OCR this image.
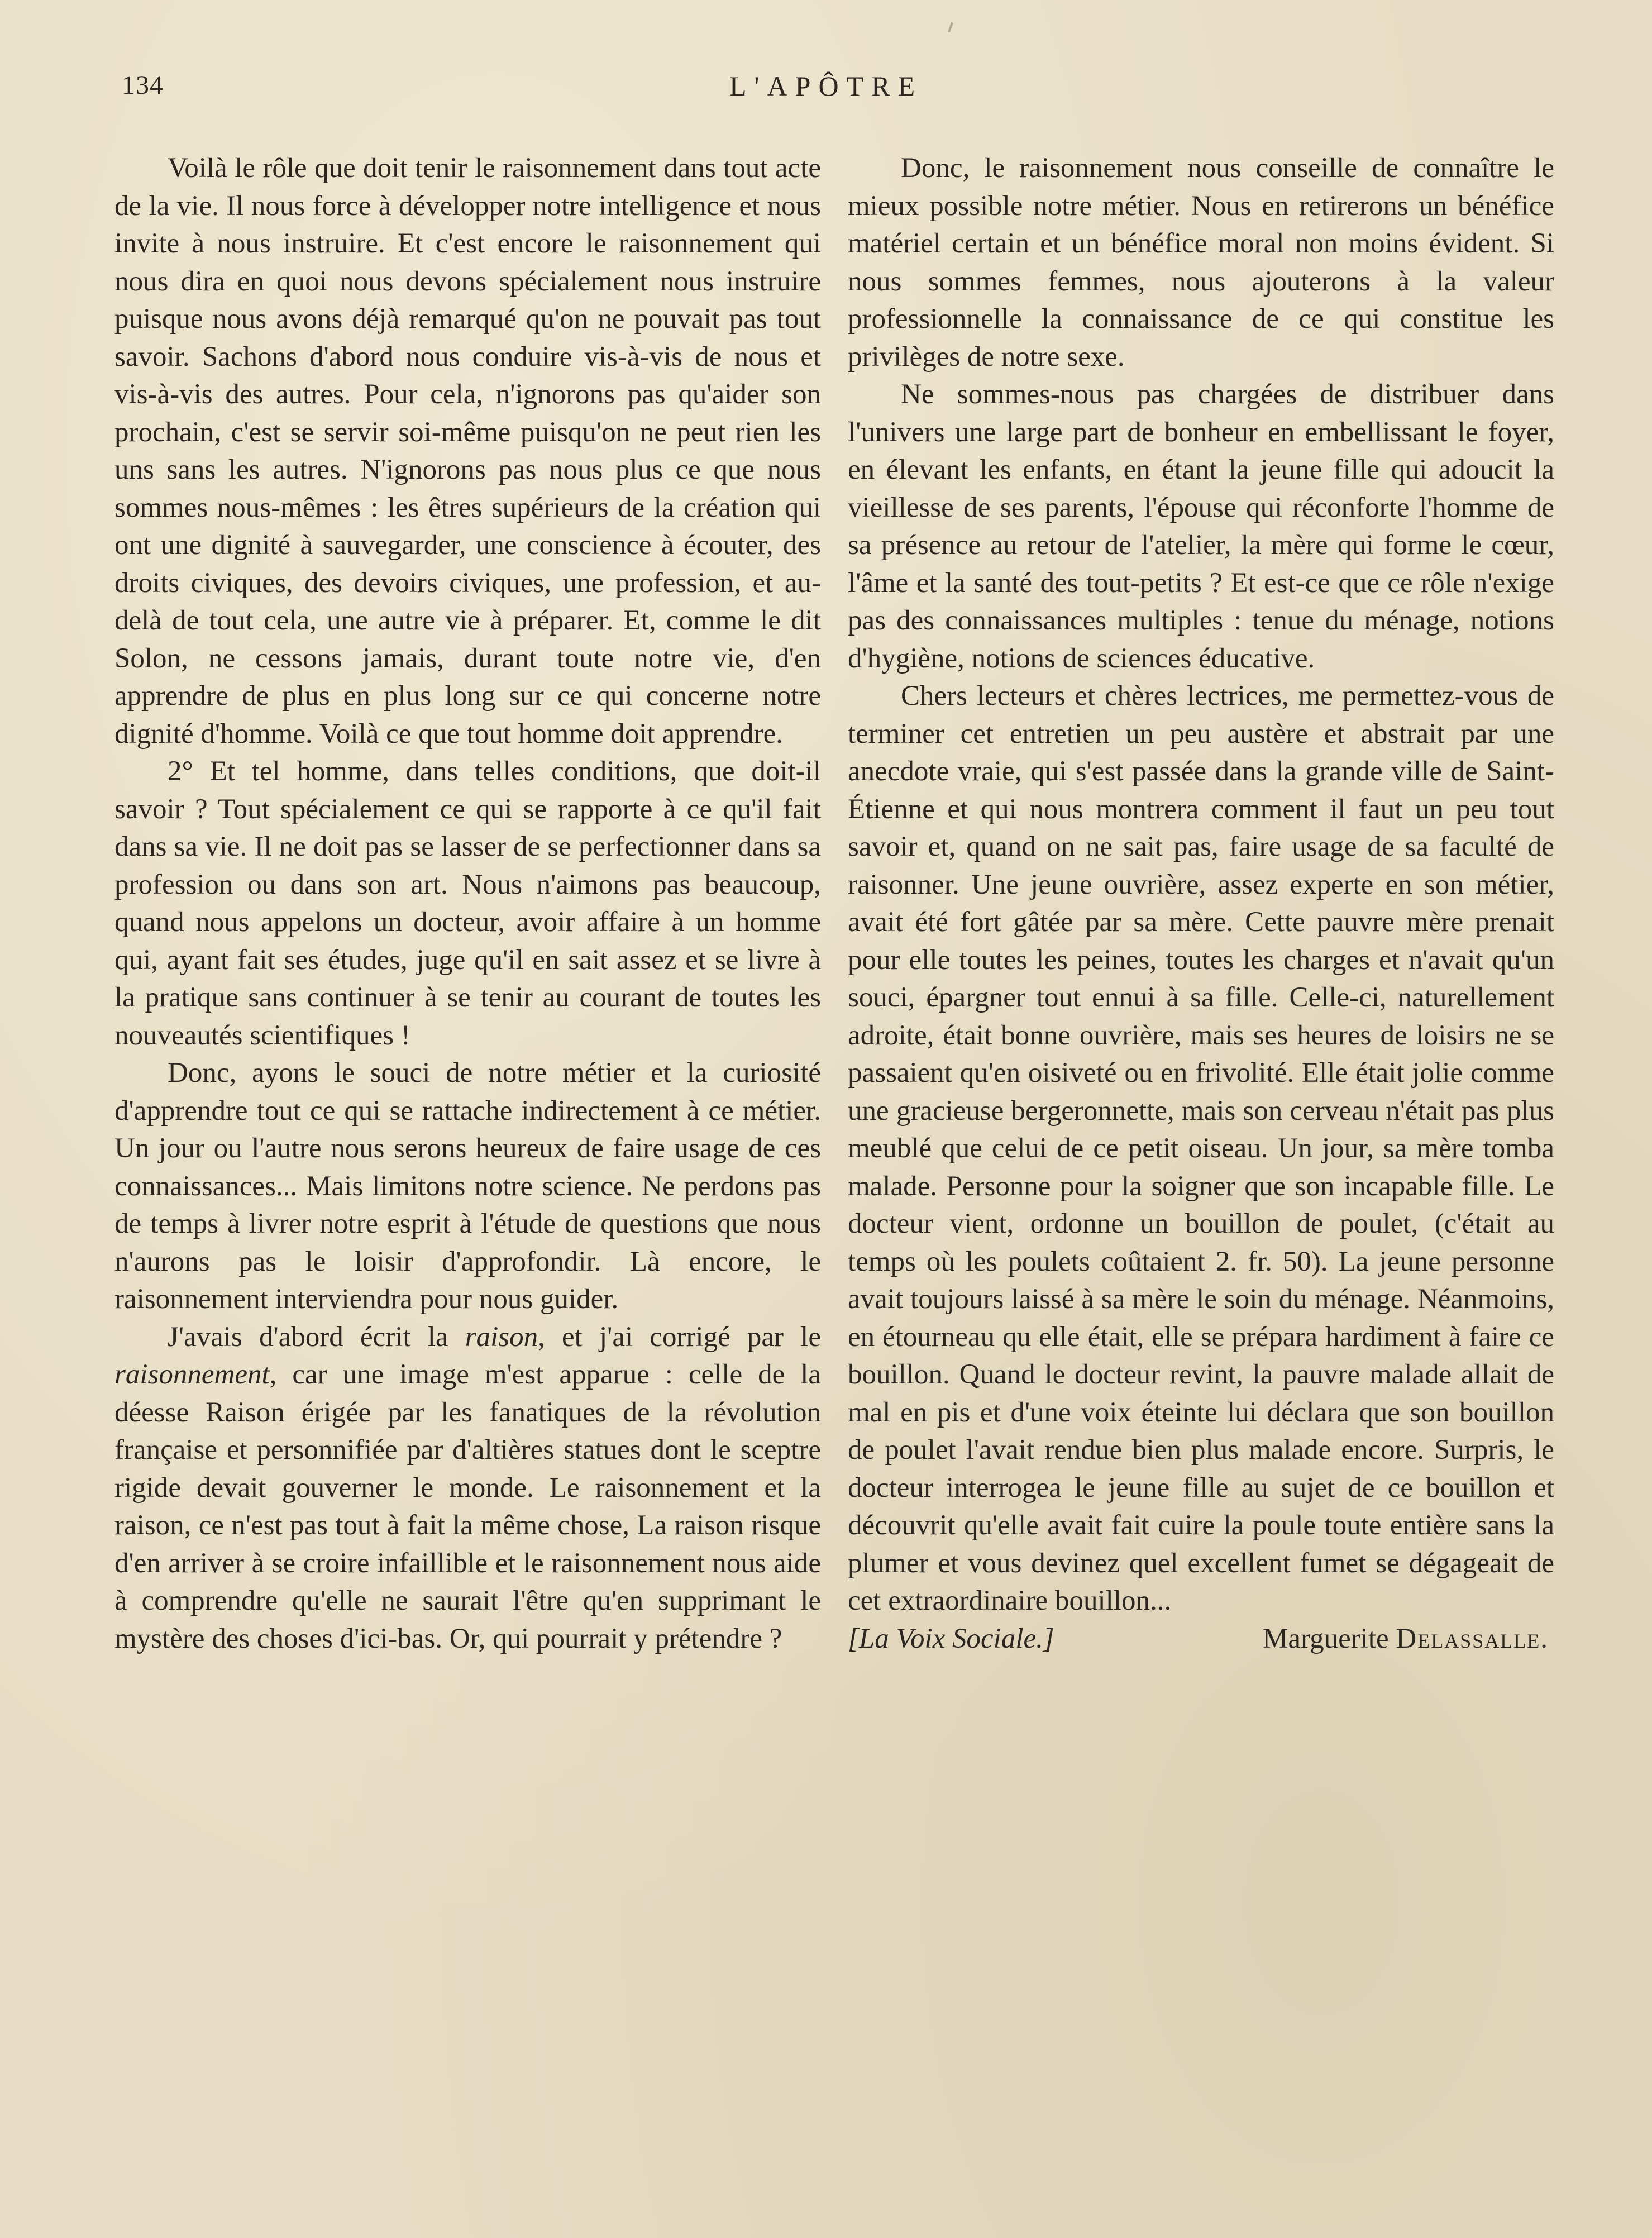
134	L'APÔTRE

Voilà le rôle que doit tenir le raisonnement dans tout acte de la vie. Il nous force à développer notre intelligence et nous invite à nous instruire. Et c'est encore le raisonnement qui nous dira en quoi nous devons spécialement nous instruire puisque nous avons déjà remarqué qu'on ne pouvait pas tout savoir. Sachons d'abord nous conduire vis-à-vis de nous et vis-à-vis des autres. Pour cela, n'ignorons pas qu'aider son prochain, c'est se servir soi-même puisqu'on ne peut rien les uns sans les autres. N'ignorons pas nous plus ce que nous sommes nous-mêmes : les êtres supérieurs de la création qui ont une dignité à sauvegarder, une conscience à écouter, des droits civiques, des devoirs civiques, une profession, et au-delà de tout cela, une autre vie à préparer. Et, comme le dit Solon, ne cessons jamais, durant toute notre vie, d'en apprendre de plus en plus long sur ce qui concerne notre dignité d'homme. Voilà ce que tout homme doit apprendre.

2° Et tel homme, dans telles conditions, que doit-il savoir ? Tout spécialement ce qui se rapporte à ce qu'il fait dans sa vie. Il ne doit pas se lasser de se perfectionner dans sa profession ou dans son art. Nous n'aimons pas beaucoup, quand nous appelons un docteur, avoir affaire à un homme qui, ayant fait ses études, juge qu'il en sait assez et se livre à la pratique sans continuer à se tenir au courant de toutes les nouveautés scientifiques !

Donc, ayons le souci de notre métier et la curiosité d'apprendre tout ce qui se rattache indirectement à ce métier. Un jour ou l'autre nous serons heureux de faire usage de ces connaissances... Mais limitons notre science. Ne perdons pas de temps à livrer notre esprit à l'étude de questions que nous n'aurons pas le loisir d'approfondir. Là encore, le raisonnement interviendra pour nous guider.

J'avais d'abord écrit la raison, et j'ai corrigé par le raisonnement, car une image m'est apparue : celle de la déesse Raison érigée par les fanatiques de la révolution française et personnifiée par d'altières statues dont le sceptre rigide devait gouverner le monde. Le raisonnement et la raison, ce n'est pas tout à fait la même chose, La raison risque d'en arriver à se croire infaillible et le raisonnement nous aide à comprendre qu'elle ne saurait l'être qu'en supprimant le mystère des choses d'ici-bas. Or, qui pourrait y prétendre ?

Donc, le raisonnement nous conseille de connaître le mieux possible notre métier. Nous en retirerons un bénéfice matériel certain et un bénéfice moral non moins évident. Si nous sommes femmes, nous ajouterons à la valeur professionnelle la connaissance de ce qui constitue les privilèges de notre sexe.

Ne sommes-nous pas chargées de distribuer dans l'univers une large part de bonheur en embellissant le foyer, en élevant les enfants, en étant la jeune fille qui adoucit la vieillesse de ses parents, l'épouse qui réconforte l'homme de sa présence au retour de l'atelier, la mère qui forme le cœur, l'âme et la santé des tout-petits ? Et est-ce que ce rôle n'exige pas des connaissances multiples : tenue du ménage, notions d'hygiène, notions de sciences éducative.

Chers lecteurs et chères lectrices, me permettez-vous de terminer cet entretien un peu austère et abstrait par une anecdote vraie, qui s'est passée dans la grande ville de Saint-Étienne et qui nous montrera comment il faut un peu tout savoir et, quand on ne sait pas, faire usage de sa faculté de raisonner. Une jeune ouvrière, assez experte en son métier, avait été fort gâtée par sa mère. Cette pauvre mère prenait pour elle toutes les peines, toutes les charges et n'avait qu'un souci, épargner tout ennui à sa fille. Celle-ci, naturellement adroite, était bonne ouvrière, mais ses heures de loisirs ne se passaient qu'en oisiveté ou en frivolité. Elle était jolie comme une gracieuse bergeronnette, mais son cerveau n'était pas plus meublé que celui de ce petit oiseau. Un jour, sa mère tomba malade. Personne pour la soigner que son incapable fille. Le docteur vient, ordonne un bouillon de poulet, (c'était au temps où les poulets coûtaient 2. fr. 50). La jeune personne avait toujours laissé à sa mère le soin du ménage. Néanmoins, en étourneau qu elle était, elle se prépara hardiment à faire ce bouillon. Quand le docteur revint, la pauvre malade allait de mal en pis et d'une voix éteinte lui déclara que son bouillon de poulet l'avait rendue bien plus malade encore. Surpris, le docteur interrogea le jeune fille au sujet de ce bouillon et découvrit qu'elle avait fait cuire la poule toute entière sans la plumer et vous devinez quel excellent fumet se dégageait de cet extraordinaire bouillon...

[La Voix Sociale.]	Marguerite Delassalle.
